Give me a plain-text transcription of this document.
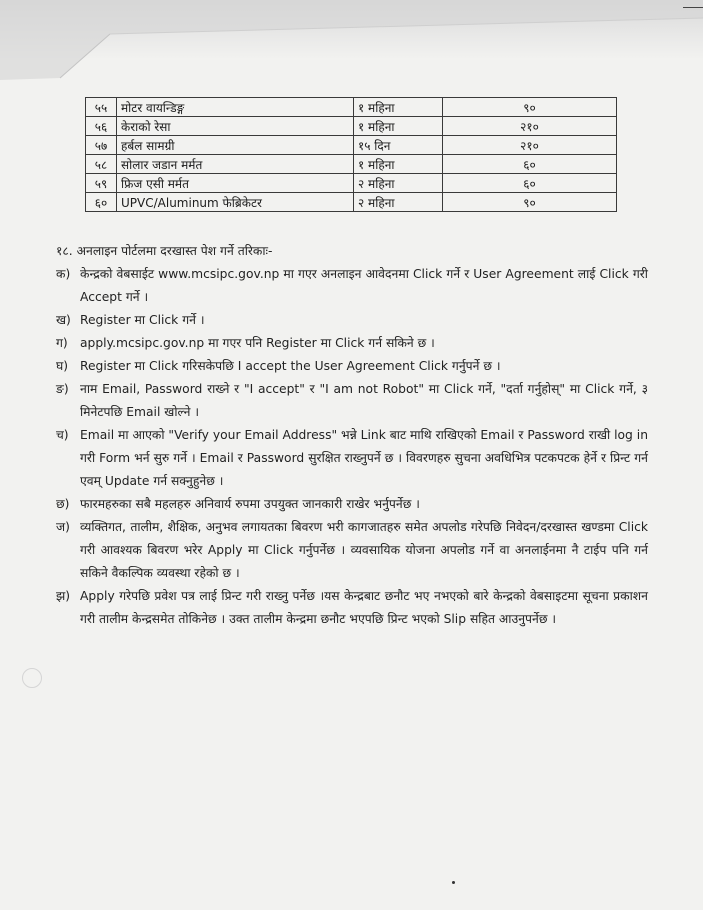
५५	मोटर वायन्डिङ्ग	१ महिना	९०
५६	केराको रेसा	१ महिना	२१०
५७	हर्बल सामग्री	१५ दिन	२१०
५८	सोलार जडान मर्मत	१ महिना	६०
५९	फ्रिज एसी मर्मत	२ महिना	६०
६०	UPVC/Aluminum फेब्रिकेटर	२ महिना	९०
१८. अनलाइन पोर्टलमा दरखास्त पेश गर्ने तरिकाः-
क) केन्द्रको वेबसाईट www.mcsipc.gov.np मा गएर अनलाइन आवेदनमा Click गर्ने र User Agreement लाई Click गरी Accept गर्ने ।
ख) Register मा Click गर्ने ।
ग) apply.mcsipc.gov.np मा गएर पनि Register मा Click गर्न सकिने छ ।
घ) Register मा Click गरिसकेपछि I accept the User Agreement Click गर्नुपर्ने छ ।
ङ) नाम Email, Password राख्ने र "I accept" र "I am not Robot" मा Click गर्ने, "दर्ता गर्नुहोस्" मा Click गर्ने, ३ मिनेटपछि Email खोल्ने ।
च) Email मा आएको "Verify your Email Address" भन्ने Link बाट माथि राखिएको Email र Password राखी log in गरी Form भर्न सुरु गर्ने । Email र Password सुरक्षित राख्नुपर्ने छ । विवरणहरु सुचना अवधिभित्र पटकपटक हेर्ने र प्रिन्ट गर्न एवम् Update गर्न सक्नुहुनेछ ।
छ) फारमहरुका सबै महलहरु अनिवार्य रुपमा उपयुक्त जानकारी राखेर भर्नुपर्नेछ ।
ज) व्यक्तिगत, तालीम, शैक्षिक, अनुभव लगायतका बिवरण भरी कागजातहरु समेत अपलोड गरेपछि निवेदन/दरखास्त खण्डमा Click गरी आवश्यक बिवरण भरेर Apply मा Click गर्नुपर्नेछ । व्यवसायिक योजना अपलोड गर्ने वा अनलाईनमा नै टाईप पनि गर्न सकिने वैकल्पिक व्यवस्था रहेको छ ।
झ) Apply गरेपछि प्रवेश पत्र लाई प्रिन्ट गरी राख्नु पर्नेछ ।यस केन्द्रबाट छनौट भए नभएको बारे केन्द्रको वेबसाइटमा सूचना प्रकाशन गरी तालीम केन्द्रसमेत तोकिनेछ । उक्त तालीम केन्द्रमा छनौट भएपछि प्रिन्ट भएको Slip सहित आउनुपर्नेछ ।
